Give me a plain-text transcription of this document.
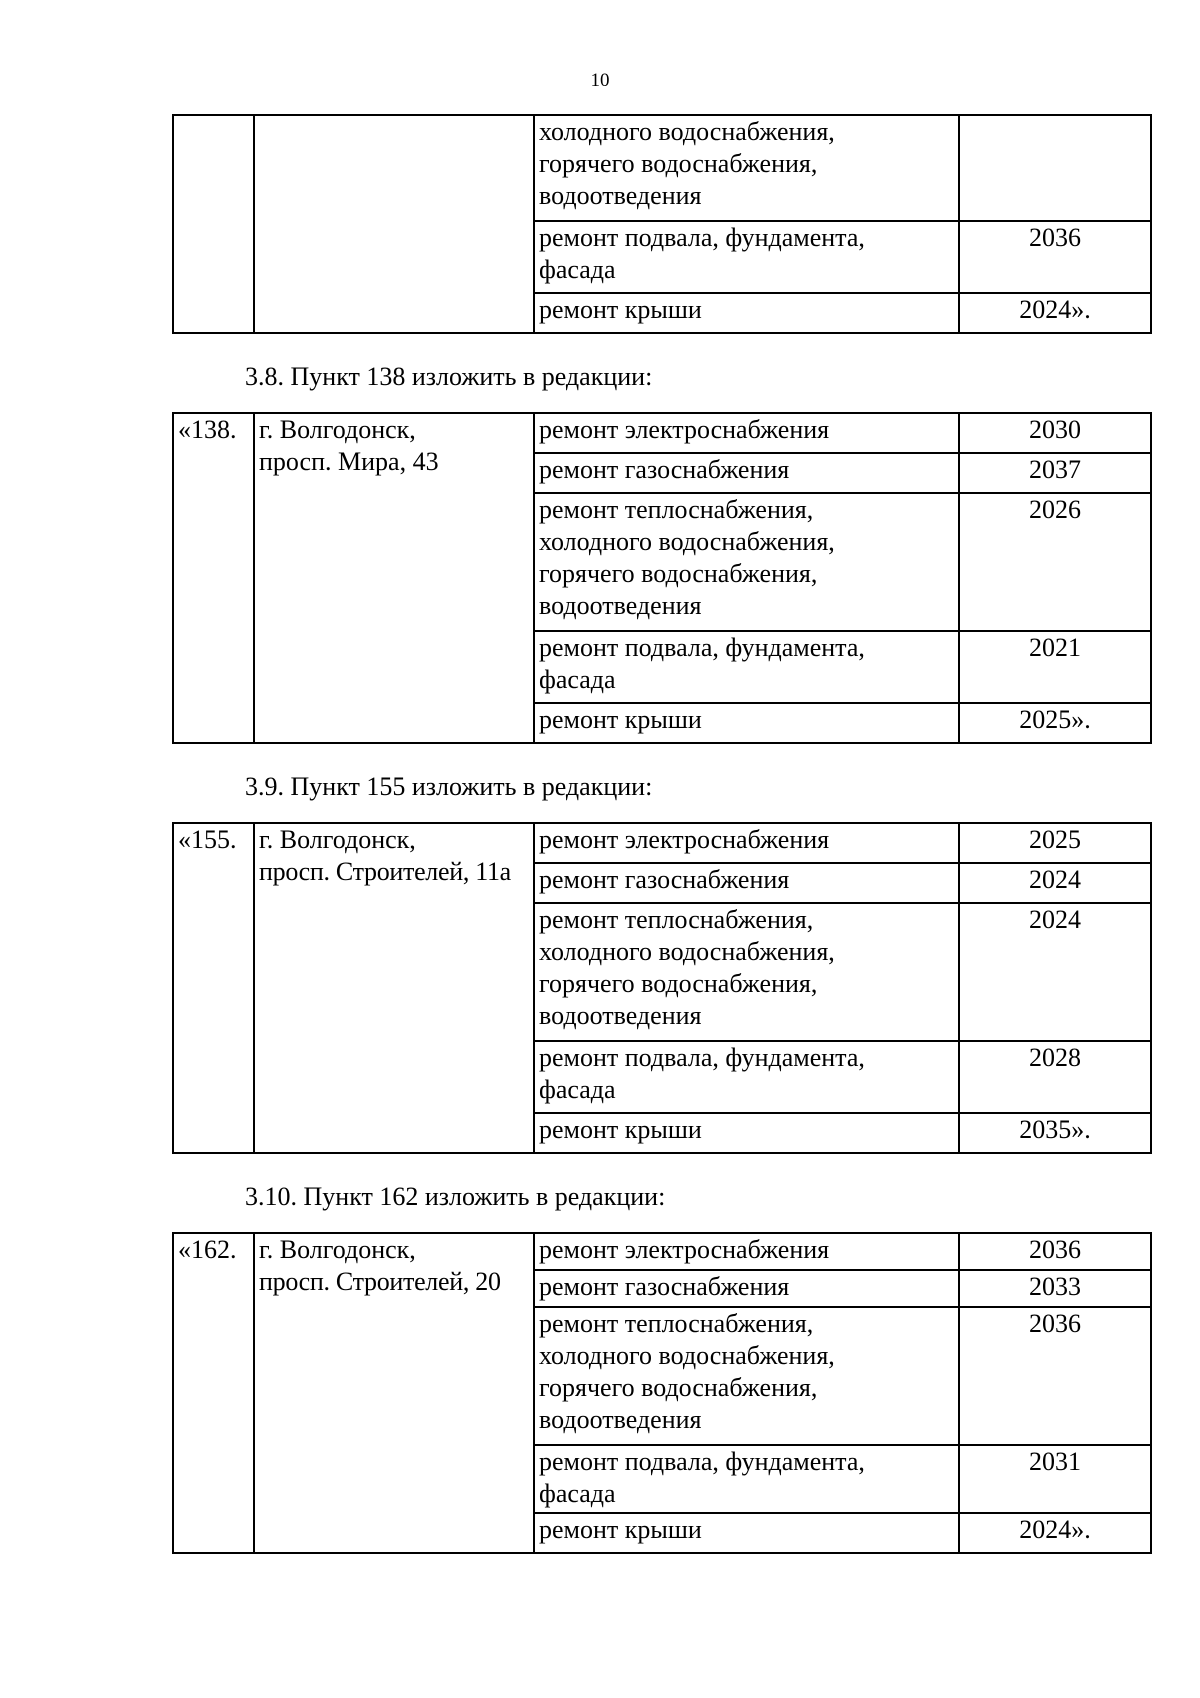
10
		холодного водоснабжения,
горячего водоснабжения,
водоотведения	
		ремонт подвала, фундамента,
фасада	2036
		ремонт крыши	2024».
3.8. Пункт 138 изложить в редакции:
«138.	г. Волгодонск,
просп. Мира, 43	ремонт электроснабжения	2030
		ремонт газоснабжения	2037
		ремонт теплоснабжения,
холодного водоснабжения,
горячего водоснабжения,
водоотведения	2026
		ремонт подвала, фундамента,
фасада	2021
		ремонт крыши	2025».
3.9. Пункт 155 изложить в редакции:
«155.	г. Волгодонск,
просп. Строителей, 11а	ремонт электроснабжения	2025
		ремонт газоснабжения	2024
		ремонт теплоснабжения,
холодного водоснабжения,
горячего водоснабжения,
водоотведения	2024
		ремонт подвала, фундамента,
фасада	2028
		ремонт крыши	2035».
3.10. Пункт 162 изложить в редакции:
«162.	г. Волгодонск,
просп. Строителей, 20	ремонт электроснабжения	2036
		ремонт газоснабжения	2033
		ремонт теплоснабжения,
холодного водоснабжения,
горячего водоснабжения,
водоотведения	2036
		ремонт подвала, фундамента,
фасада	2031
		ремонт крыши	2024».
